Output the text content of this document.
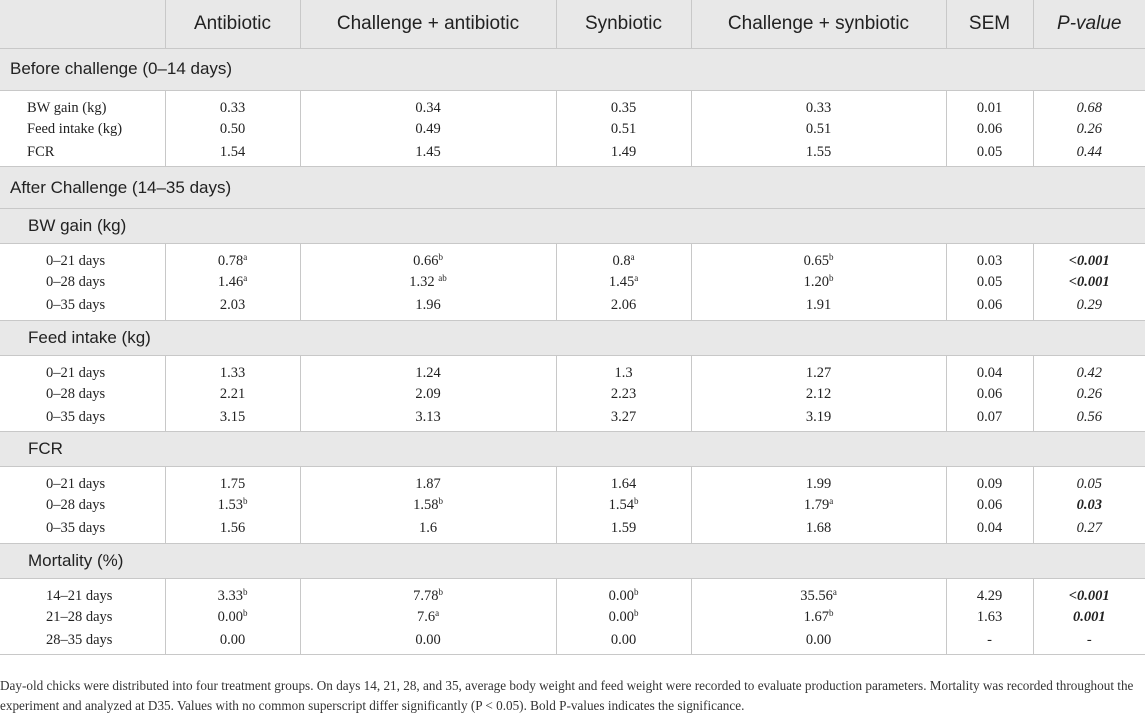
	Antibiotic	Challenge + antibiotic	Synbiotic	Challenge + synbiotic	SEM	P-value
Before challenge (0–14 days)						
BW gain (kg)	0.33	0.34	0.35	0.33	0.01	0.68
Feed intake (kg)	0.50	0.49	0.51	0.51	0.06	0.26
FCR	1.54	1.45	1.49	1.55	0.05	0.44
After Challenge (14–35 days)						
BW gain (kg)						
0–21 days	0.78$^a$	0.66$^b$	0.8$^a$	0.65$^b$	0.03	<0.001
0–28 days	1.46$^a$	1.32 $^{ab}$	1.45$^a$	1.20$^b$	0.05	<0.001
0–35 days	2.03	1.96	2.06	1.91	0.06	0.29
Feed intake (kg)						
0–21 days	1.33	1.24	1.3	1.27	0.04	0.42
0–28 days	2.21	2.09	2.23	2.12	0.06	0.26
0–35 days	3.15	3.13	3.27	3.19	0.07	0.56
FCR						
0–21 days	1.75	1.87	1.64	1.99	0.09	0.05
0–28 days	1.53$^b$	1.58$^b$	1.54$^b$	1.79$^a$	0.06	0.03
0–35 days	1.56	1.6	1.59	1.68	0.04	0.27
Mortality (%)						
14–21 days	3.33$^b$	7.78$^b$	0.00$^b$	35.56$^a$	4.29	<0.001
21–28 days	0.00$^b$	7.6$^a$	0.00$^b$	1.67$^b$	1.63	0.001
28–35 days	0.00	0.00	0.00	0.00	-	-
Day-old chicks were distributed into four treatment groups. On days 14, 21, 28, and 35, average body weight and feed weight were recorded to evaluate production parameters. Mortality was recorded throughout the experiment and analyzed at D35. Values with no common superscript differ significantly (P < 0.05). Bold P-values indicates the significance.
